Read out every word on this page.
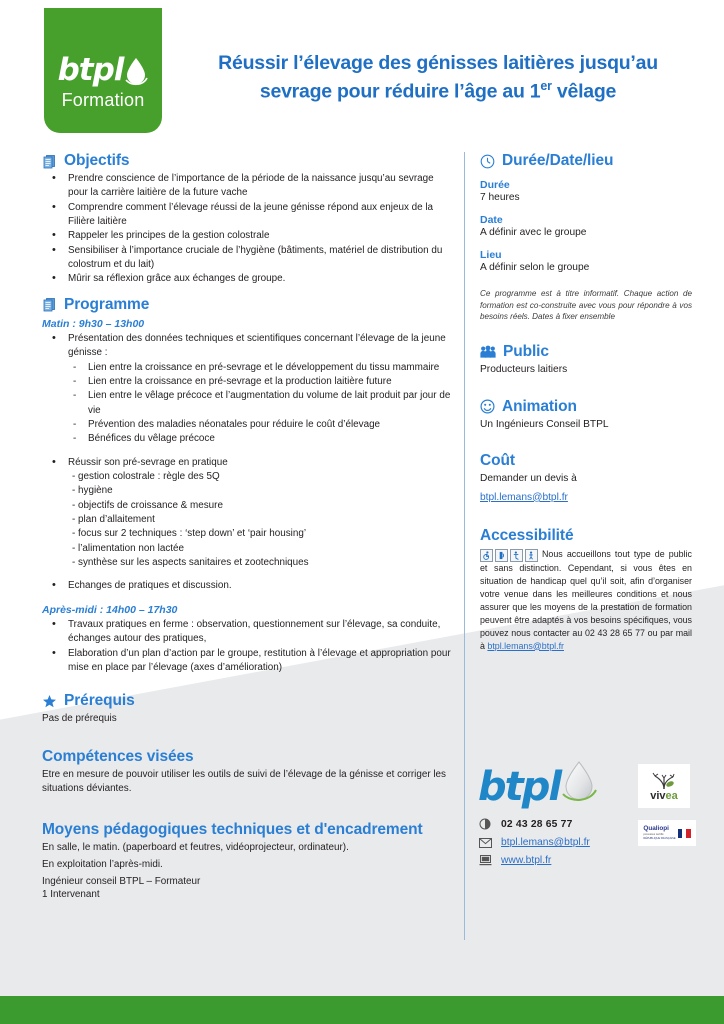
btpl
Formation
Réussir l’élevage des génisses laitières jusqu’au
sevrage pour réduire l’âge au 1er vêlage
Objectifs
• Prendre conscience de l’importance de la période de la naissance jusqu’au sevrage pour la carrière laitière de la future vache
• Comprendre comment l’élevage réussi de la jeune génisse répond aux enjeux de la Filière laitière
• Rappeler les principes de la gestion colostrale
• Sensibiliser à l’importance cruciale de l’hygiène (bâtiments, matériel de distribution du colostrum et du lait)
• Mûrir sa réflexion grâce aux échanges de groupe.
Programme
Matin : 9h30 – 13h00
• Présentation des données techniques et scientifiques concernant l’élevage de la jeune génisse :
- Lien entre la croissance en pré-sevrage et le développement du tissu mammaire
- Lien entre la croissance en pré-sevrage et la production laitière future
- Lien entre le vêlage précoce et l’augmentation du volume de lait produit par jour de vie
- Prévention des maladies néonatales pour réduire le coût d’élevage
- Bénéfices du vêlage précoce
• Réussir son pré-sevrage en pratique
- gestion colostrale : règle des 5Q
- hygiène
- objectifs de croissance & mesure
- plan d’allaitement
- focus sur 2 techniques : ‘step down’ et ‘pair housing’
- l’alimentation non lactée
- synthèse sur les aspects sanitaires et zootechniques
• Echanges de pratiques et discussion.
Après-midi : 14h00 – 17h30
• Travaux pratiques en ferme : observation, questionnement sur l’élevage, sa conduite, échanges autour des pratiques,
• Elaboration d’un plan d’action par le groupe, restitution à l’élevage et appropriation pour mise en place par l’élevage (axes d’amélioration)
Prérequis

Pas de prérequis

Compétences visées

Etre en mesure de pouvoir utiliser les outils de suivi de l’élevage de la génisse et corriger les situations déviantes.

Moyens pédagogiques techniques et d'encadrement

En salle, le matin. (paperboard et feutres, vidéoprojecteur, ordinateur).

En exploitation l’après-midi.

Ingénieur conseil BTPL – Formateur

1 Intervenant

Durée/Date/lieu
Durée
7 heures
Date
A définir avec le groupe
Lieu
A définir selon le groupe
Ce programme est à titre informatif. Chaque action de formation est co-construite avec vous pour répondre à vos besoins réels. Dates à fixer ensemble
Public

Producteurs laitiers

Animation

Un Ingénieurs Conseil BTPL

Coût

Demander un devis à

btpl.lemans@btpl.fr
Accessibilité

Nous accueillons tout type de public et sans distinction. Cependant, si vous êtes en situation de handicap quel qu’il soit, afin d’organiser votre venue dans les meilleures conditions et nous assurer que les moyens de la prestation de formation peuvent être adaptés à vos besoins spécifiques, vous pouvez nous contacter au 02 43 28 65 77 ou par mail à btpl.lemans@btpl.fr

btpl
02 43 28 65 77
btpl.lemans@btpl.fr
www.btpl.fr
vivea
Qualiopi
processus certifié
RÉPUBLIQUE FRANÇAISE
